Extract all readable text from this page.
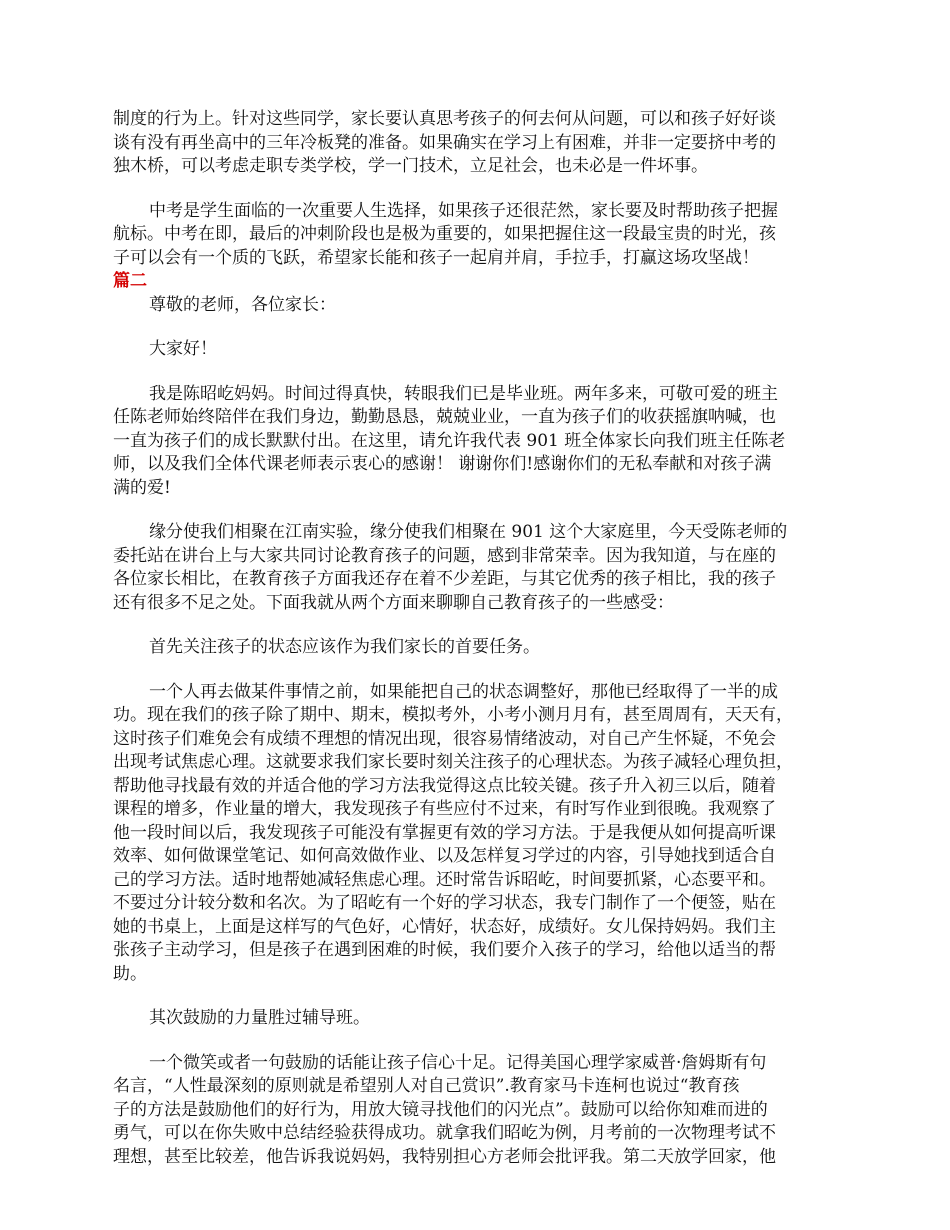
制度的行为上。针对这些同学，家长要认真思考孩子的何去何从问题，可以和孩子好好谈
谈有没有再坐高中的三年冷板凳的准备。如果确实在学习上有困难，并非一定要挤中考的
独木桥，可以考虑走职专类学校，学一门技术，立足社会，也未必是一件坏事。
中考是学生面临的一次重要人生选择，如果孩子还很茫然，家长要及时帮助孩子把握
航标。中考在即，最后的冲刺阶段也是极为重要的，如果把握住这一段最宝贵的时光，孩
子可以会有一个质的飞跃，希望家长能和孩子一起肩并肩，手拉手，打赢这场攻坚战！
篇二
尊敬的老师，各位家长：
大家好！
我是陈昭屹妈妈。时间过得真快，转眼我们已是毕业班。两年多来，可敬可爱的班主
任陈老师始终陪伴在我们身边，勤勤恳恳，兢兢业业，一直为孩子们的收获摇旗呐喊，也
一直为孩子们的成长默默付出。在这里，请允许我代表 901 班全体家长向我们班主任陈老
师，以及我们全体代课老师表示衷心的感谢！ 谢谢你们!感谢你们的无私奉献和对孩子满
满的爱!
缘分使我们相聚在江南实验，缘分使我们相聚在 901 这个大家庭里，今天受陈老师的
委托站在讲台上与大家共同讨论教育孩子的问题，感到非常荣幸。因为我知道，与在座的
各位家长相比，在教育孩子方面我还存在着不少差距，与其它优秀的孩子相比，我的孩子
还有很多不足之处。下面我就从两个方面来聊聊自己教育孩子的一些感受：
首先关注孩子的状态应该作为我们家长的首要任务。
一个人再去做某件事情之前，如果能把自己的状态调整好，那他已经取得了一半的成
功。现在我们的孩子除了期中、期末，模拟考外，小考小测月月有，甚至周周有，天天有，
这时孩子们难免会有成绩不理想的情况出现，很容易情绪波动，对自己产生怀疑，不免会
出现考试焦虑心理。这就要求我们家长要时刻关注孩子的心理状态。为孩子减轻心理负担，
帮助他寻找最有效的并适合他的学习方法我觉得这点比较关键。孩子升入初三以后，随着
课程的增多，作业量的增大，我发现孩子有些应付不过来，有时写作业到很晚。我观察了
他一段时间以后，我发现孩子可能没有掌握更有效的学习方法。于是我便从如何提高听课
效率、如何做课堂笔记、如何高效做作业、以及怎样复习学过的内容，引导她找到适合自
己的学习方法。适时地帮她减轻焦虑心理。还时常告诉昭屹，时间要抓紧，心态要平和。
不要过分计较分数和名次。为了昭屹有一个好的学习状态，我专门制作了一个便签，贴在
她的书桌上，上面是这样写的气色好，心情好，状态好，成绩好。女儿保持妈妈。我们主
张孩子主动学习，但是孩子在遇到困难的时候，我们要介入孩子的学习，给他以适当的帮
助。
其次鼓励的力量胜过辅导班。
一个微笑或者一句鼓励的话能让孩子信心十足。记得美国心理学家威普·詹姆斯有句
名言，“人性最深刻的原则就是希望别人对自己赏识”.教育家马卡连柯也说过“教育孩
子的方法是鼓励他们的好行为，用放大镜寻找他们的闪光点”。鼓励可以给你知难而进的
勇气，可以在你失败中总结经验获得成功。就拿我们昭屹为例，月考前的一次物理考试不
理想，甚至比较差，他告诉我说妈妈，我特别担心方老师会批评我。第二天放学回家，他
